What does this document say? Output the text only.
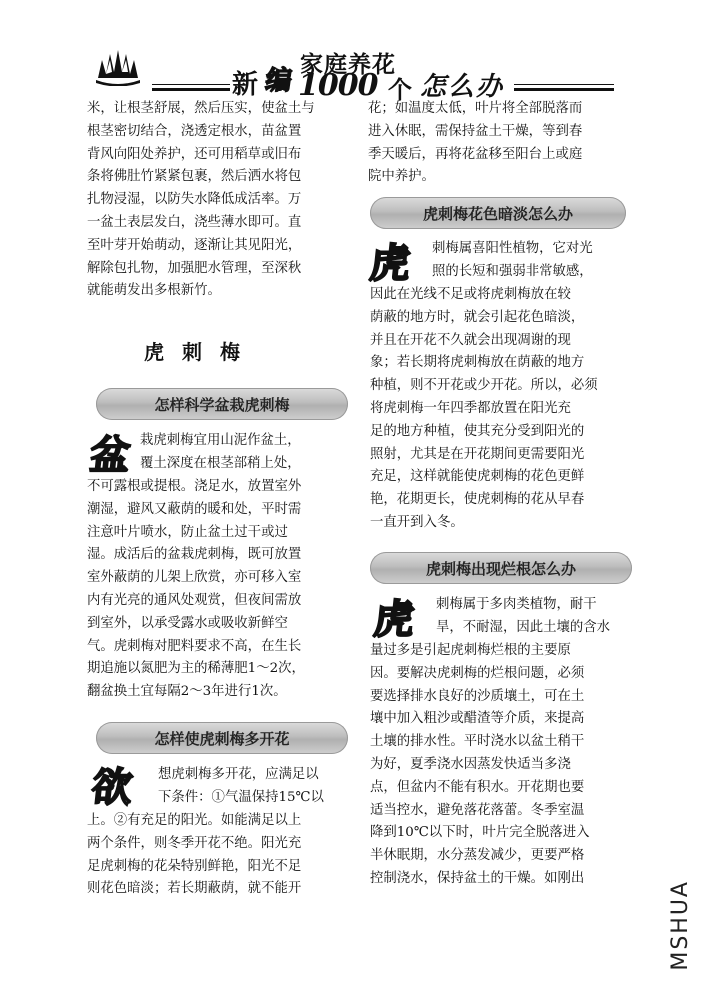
家庭养花
新 编 1000 个 怎么办
米，让根茎舒展，然后压实，使盆土与
根茎密切结合，浇透定根水，苗盆置
背风向阳处养护，还可用稻草或旧布
条将佛肚竹紧紧包裹，然后洒水将包
扎物浸湿，以防失水降低成活率。万
一盆土表层发白，浇些薄水即可。直
至叶芽开始萌动，逐渐让其见阳光，
解除包扎物，加强肥水管理，至深秋
就能萌发出多根新竹。
虎刺梅
怎样科学盆栽虎刺梅
盆 栽虎刺梅宜用山泥作盆土，
覆土深度在根茎部稍上处，
不可露根或提根。浇足水，放置室外
潮湿，避风又蔽荫的暖和处，平时需
注意叶片喷水，防止盆土过干或过
湿。成活后的盆栽虎刺梅，既可放置
室外蔽荫的儿架上欣赏，亦可移入室
内有光亮的通风处观赏，但夜间需放
到室外，以承受露水或吸收新鲜空
气。虎刺梅对肥料要求不高，在生长
期追施以氮肥为主的稀薄肥1～2次，
翻盆换土宜每隔2～3年进行1次。
怎样使虎刺梅多开花
欲 想虎刺梅多开花，应满足以
下条件：①气温保持15℃以
上。②有充足的阳光。如能满足以上
两个条件，则冬季开花不绝。阳光充
足虎刺梅的花朵特别鲜艳，阳光不足
则花色暗淡；若长期蔽荫，就不能开
花；如温度太低，叶片将全部脱落而
进入休眠，需保持盆土干燥，等到春
季天暖后，再将花盆移至阳台上或庭
院中养护。
虎刺梅花色暗淡怎么办
虎 刺梅属喜阳性植物，它对光
照的长短和强弱非常敏感，
因此在光线不足或将虎刺梅放在较
荫蔽的地方时，就会引起花色暗淡，
并且在开花不久就会出现凋谢的现
象；若长期将虎刺梅放在荫蔽的地方
种植，则不开花或少开花。所以，必须
将虎刺梅一年四季都放置在阳光充
足的地方种植，使其充分受到阳光的
照射，尤其是在开花期间更需要阳光
充足，这样就能使虎刺梅的花色更鲜
艳，花期更长，使虎刺梅的花从早春
一直开到入冬。
虎刺梅出现烂根怎么办
虎 刺梅属于多肉类植物，耐干
旱，不耐湿，因此土壤的含水
量过多是引起虎刺梅烂根的主要原
因。要解决虎刺梅的烂根问题，必须
要选择排水良好的沙质壤土，可在土
壤中加入粗沙或醋渣等介质，来提高
土壤的排水性。平时浇水以盆土稍干
为好，夏季浇水因蒸发快适当多浇
点，但盆内不能有积水。开花期也要
适当控水，避免落花落蕾。冬季室温
降到10℃以下时，叶片完全脱落进入
半休眠期，水分蒸发减少，更要严格
控制浇水，保持盆土的干燥。如刚出
MSHUA
